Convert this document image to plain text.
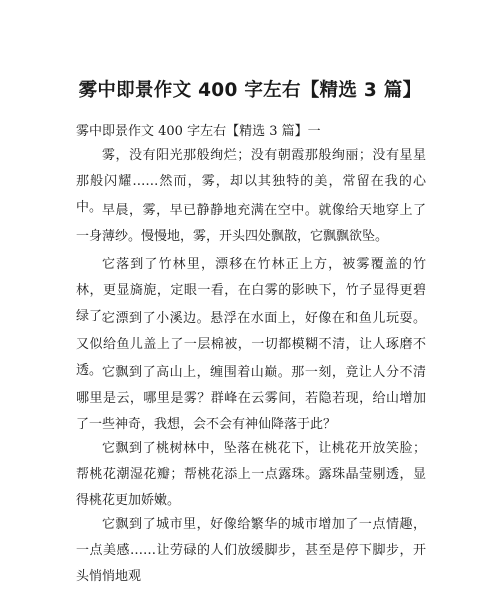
雾中即景作文 400 字左右【精选 3 篇】
雾中即景作文 400 字左右【精选 3 篇】一

雾，没有阳光那般绚烂；没有朝霞那般绚丽；没有星星那般闪耀……然而，雾，却以其独特的美，常留在我的心中。 早晨，雾，早已静静地充满在空中。就像给天地穿上了一身薄纱。慢慢地，雾，开头四处飘散，它飘飘欲坠。

它落到了竹林里，漂移在竹林正上方，被雾覆盖的竹林，更显旖旎，定眼一看，在白雾的影映下，竹子显得更碧绿了。

它漂到了小溪边。悬浮在水面上，好像在和鱼儿玩耍。又似给鱼儿盖上了一层棉被，一切都模糊不清，让人琢磨不透。 它飘到了高山上，缠围着山巅。那一刻，竟让人分不清哪里是云，哪里是雾？群峰在云雾间，若隐若现，给山增加了一些神奇，我想，会不会有神仙降落于此？

它飘到了桃树林中，坠落在桃花下，让桃花开放笑脸；帮桃花潮湿花瓣；帮桃花添上一点露珠。露珠晶莹剔透，显得桃花更加娇嫩。

它飘到了城市里，好像给繁华的城市增加了一点情趣，一点美感……让劳碌的人们放缓脚步，甚至是停下脚步，开头悄悄地观
